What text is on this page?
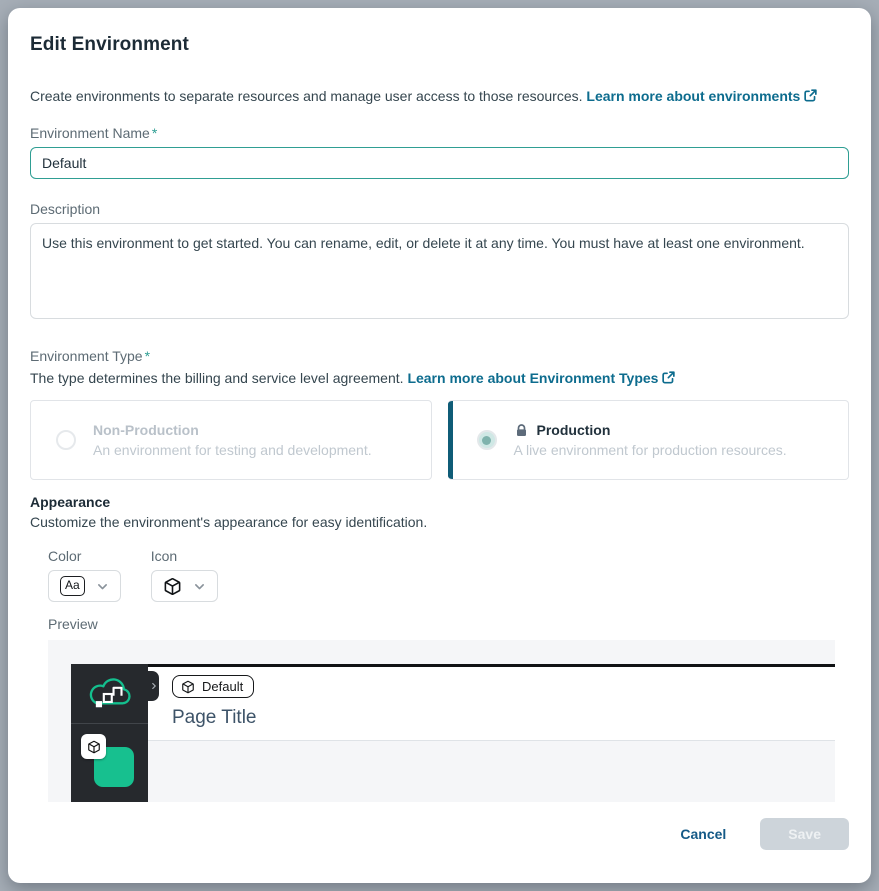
Edit Environment

Create environments to separate resources and manage user access to those resources. Learn more about environments

Environment Name *
Default
Description
Use this environment to get started. You can rename, edit, or delete it at any time. You must have at least one environment.
Environment Type *

The type determines the billing and service level agreement. Learn more about Environment Types

Non-Production
An environment for testing and development.
Production
A live environment for production resources.
Appearance

Customize the environment's appearance for easy identification.

Color
Aa
Icon
Preview
Default
Page Title
Cancel	Save
